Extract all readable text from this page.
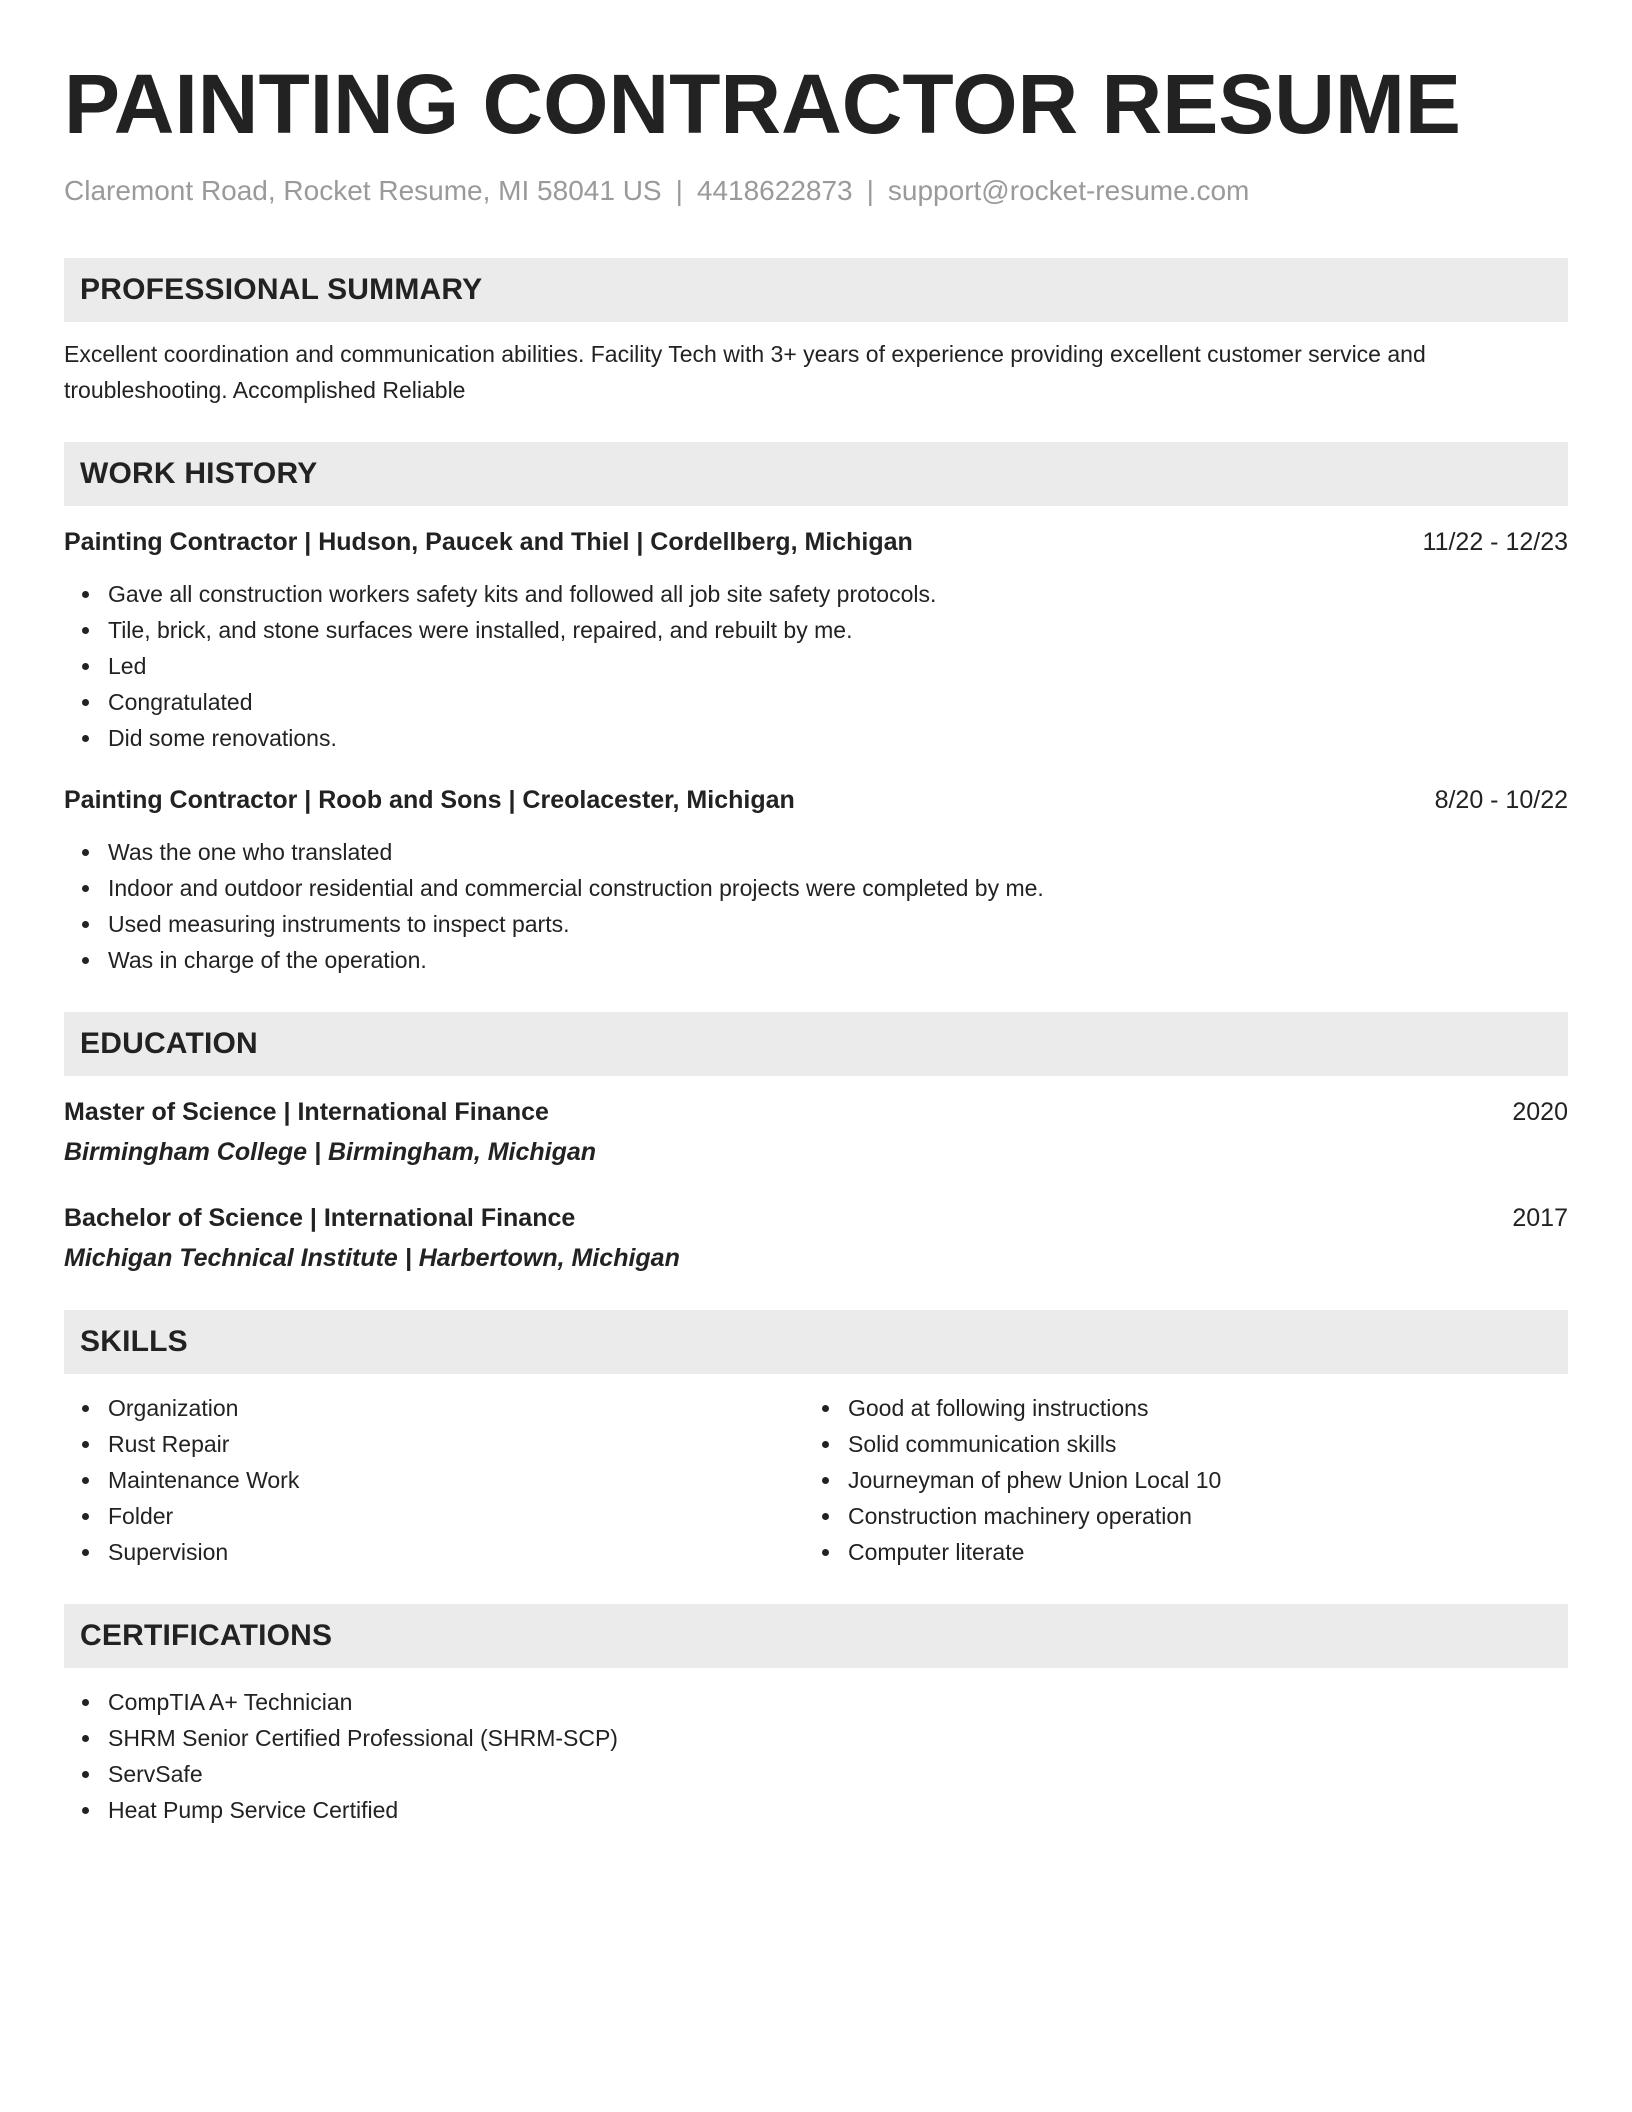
PAINTING CONTRACTOR RESUME
Claremont Road, Rocket Resume, MI 58041 US | 4418622873 | support@rocket-resume.com
PROFESSIONAL SUMMARY
Excellent coordination and communication abilities. Facility Tech with 3+ years of experience providing excellent customer service and troubleshooting. Accomplished Reliable
WORK HISTORY
Painting Contractor | Hudson, Paucek and Thiel | Cordellberg, Michigan	11/22 - 12/23
Gave all construction workers safety kits and followed all job site safety protocols.
Tile, brick, and stone surfaces were installed, repaired, and rebuilt by me.
Led
Congratulated
Did some renovations.
Painting Contractor | Roob and Sons | Creolacester, Michigan	8/20 - 10/22
Was the one who translated
Indoor and outdoor residential and commercial construction projects were completed by me.
Used measuring instruments to inspect parts.
Was in charge of the operation.
EDUCATION
Master of Science | International Finance	2020
Birmingham College | Birmingham, Michigan
Bachelor of Science | International Finance	2017
Michigan Technical Institute | Harbertown, Michigan
SKILLS
Organization
Rust Repair
Maintenance Work
Folder
Supervision
Good at following instructions
Solid communication skills
Journeyman of phew Union Local 10
Construction machinery operation
Computer literate
CERTIFICATIONS
CompTIA A+ Technician
SHRM Senior Certified Professional (SHRM-SCP)
ServSafe
Heat Pump Service Certified
